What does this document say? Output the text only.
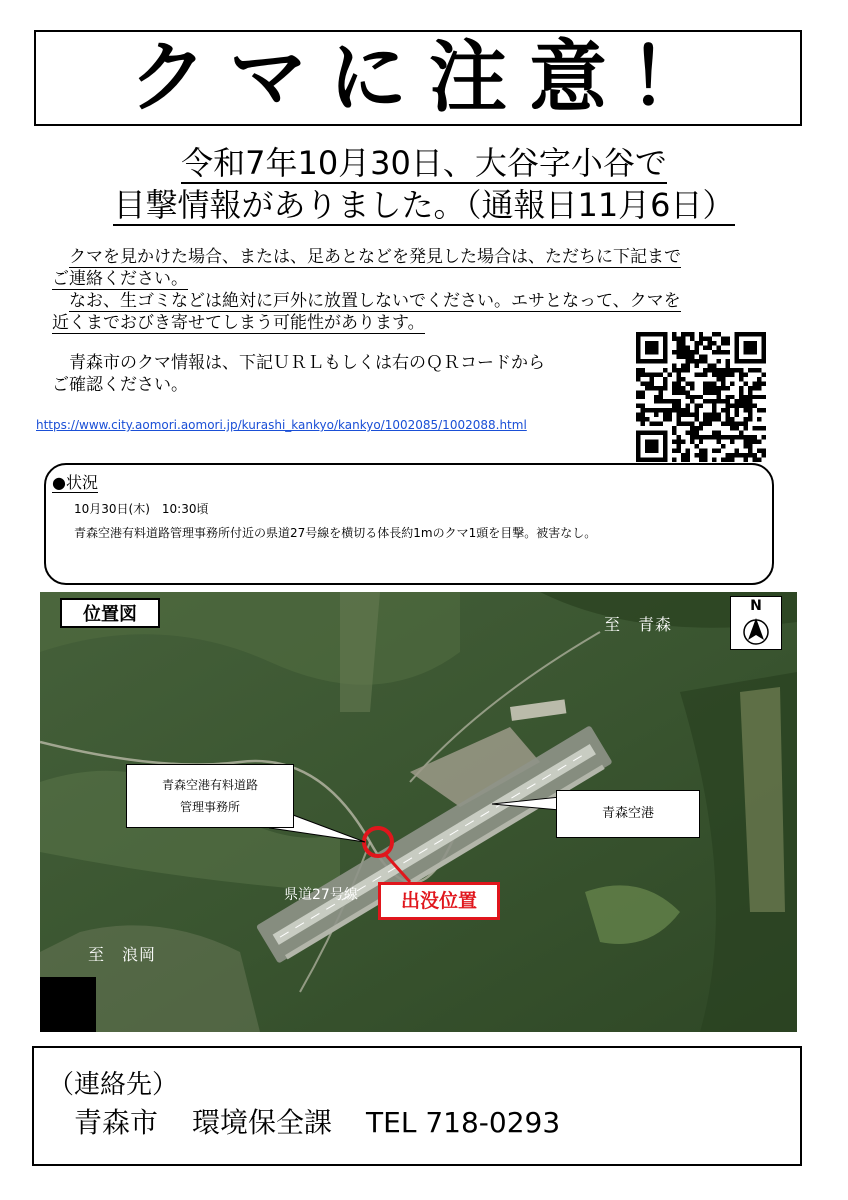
クマに注意！
令和7年10月30日、大谷字小谷で
目撃情報がありました。（通報日11月6日）
　クマを見かけた場合、または、足あとなどを発見した場合は、ただちに下記まで
ご連絡ください。
　なお、生ゴミなどは絶対に戸外に放置しないでください。エサとなって、クマを
近くまでおびき寄せてしまう可能性があります。
　青森市のクマ情報は、下記ＵＲＬもしくは右のＱＲコードから
ご確認ください。
https://www.city.aomori.aomori.jp/kurashi_kankyo/kankyo/1002085/1002088.html
●状況
10月30日(木)　10:30頃
青森空港有料道路管理事務所付近の県道27号線を横切る体長約1mのクマ1頭を目撃。被害なし。
位置図	至　青森
至　浪岡
N
青森空港有料道路
管理事務所	青森空港
県道27号線	出没位置
（連絡先）
青森市 環境保全課 TEL 718-0293
